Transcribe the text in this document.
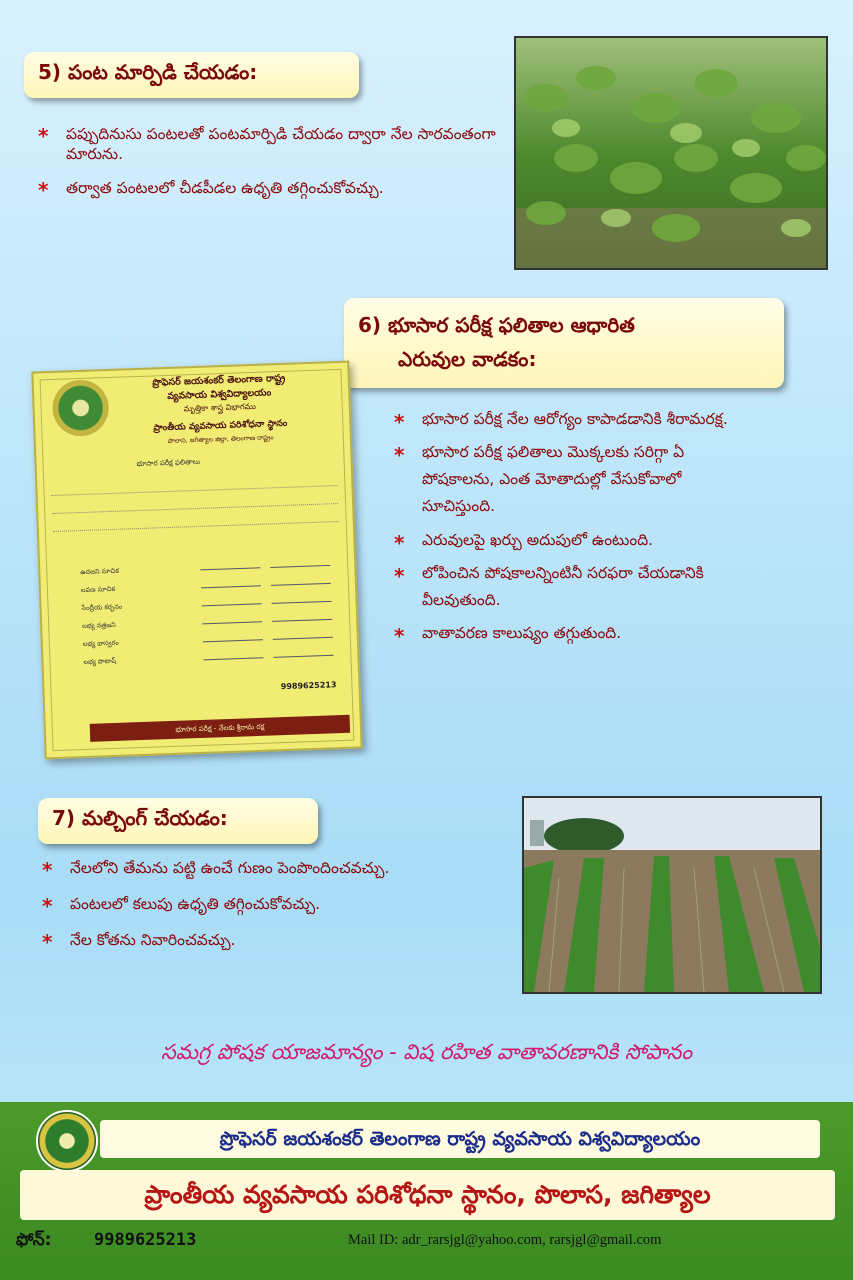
5) పంట మార్పిడి చేయడం:
* పప్పుదినుసు పంటలతో పంటమార్పిడి చేయడం ద్వారా నేల సారవంతంగా మారును.
* తర్వాత పంటలలో చీడపీడల ఉధృతి తగ్గించుకోవచ్చు.
6) భూసార పరీక్ష ఫలితాల ఆధారిత
ఎరువుల వాడకం:
* భూసార పరీక్ష నేల ఆరోగ్యం కాపాడడానికి శీరామరక్ష.
* భూసార పరీక్ష ఫలితాలు మొక్కలకు సరిగ్గా ఏ పోషకాలను, ఎంత మోతాదుల్లో వేసుకోవాలో సూచిస్తుంది.
* ఎరువులపై ఖర్చు అదుపులో ఉంటుంది.
* లోపించిన పోషకాలన్నింటినీ సరఫరా చేయడానికి వీలవుతుంది.
* వాతావరణ కాలుష్యం తగ్గుతుంది.
ప్రొఫెసర్ జయశంకర్ తెలంగాణ రాష్ట్ర
వ్యవసాయ విశ్వవిద్యాలయం
మృత్తికా శాస్త్ర విభాగము
ప్రాంతీయ వ్యవసాయ పరిశోధనా స్థానం
పొలాస, జగిత్యాల జిల్లా, తెలంగాణ రాష్ట్రం
భూసార పరీక్ష ఫలితాలు
ఉదజని సూచిక
లవణ సూచిక
సేంద్రీయ కర్బనం
లభ్య నత్రజని
లభ్య భాస్వరం
లభ్య పొటాష్
9989625213
భూసార పరీక్ష - నేలకు శ్రీరామ రక్ష
7) మల్చింగ్ చేయడం:
* నేలలోని తేమను పట్టి ఉంచే గుణం పెంపొందించవచ్చు.
* పంటలలో కలుపు ఉధృతి తగ్గించుకోవచ్చు.
* నేల కోతను నివారించవచ్చు.
సమగ్ర పోషక యాజమాన్యం - విష రహిత వాతావరణానికి సోపానం
ప్రొఫెసర్ జయశంకర్ తెలంగాణ రాష్ట్ర వ్యవసాయ విశ్వవిద్యాలయం
ప్రాంతీయ వ్యవసాయ పరిశోధనా స్థానం, పొలాస, జగిత్యాల
ఫోన్:	9989625213	Mail ID: adr_rarsjgl@yahoo.com, rarsjgl@gmail.com
